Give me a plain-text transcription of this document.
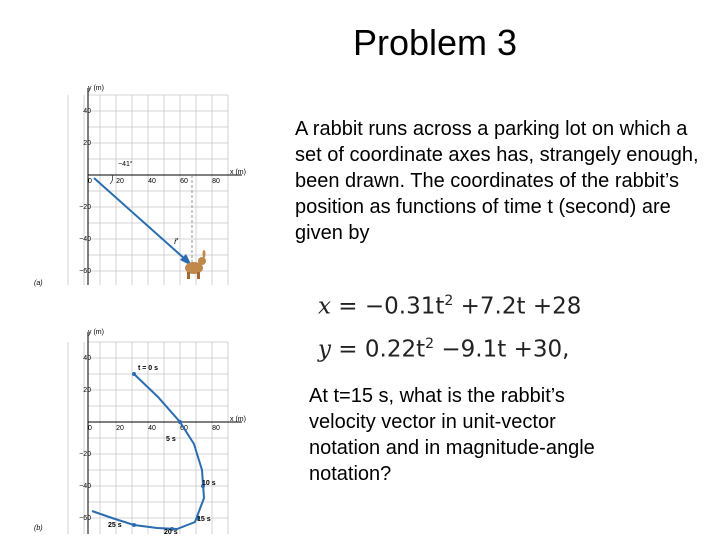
Problem 3
y (m)
x (m)
0	20	40	60	80
40
20
−20
−40
−60
−41°
r⃗
(a)
y (m)
x (m)
0	20	40	60	80
40
20
−20
−40
−60
t = 0 s
5 s
10 s
15 s
20 s
25 s
(b)
A rabbit runs across a parking lot on which a set of coordinate axes has, strangely enough, been drawn. The coordinates of the rabbit’s position as functions of time t (second) are given by
$x = -0.31t^2 +7.2t +28$
$y = 0.22t^2 -9.1t +30$,
At t=15 s, what is the rabbit’s velocity vector in unit-vector notation and in magnitude-angle notation?
